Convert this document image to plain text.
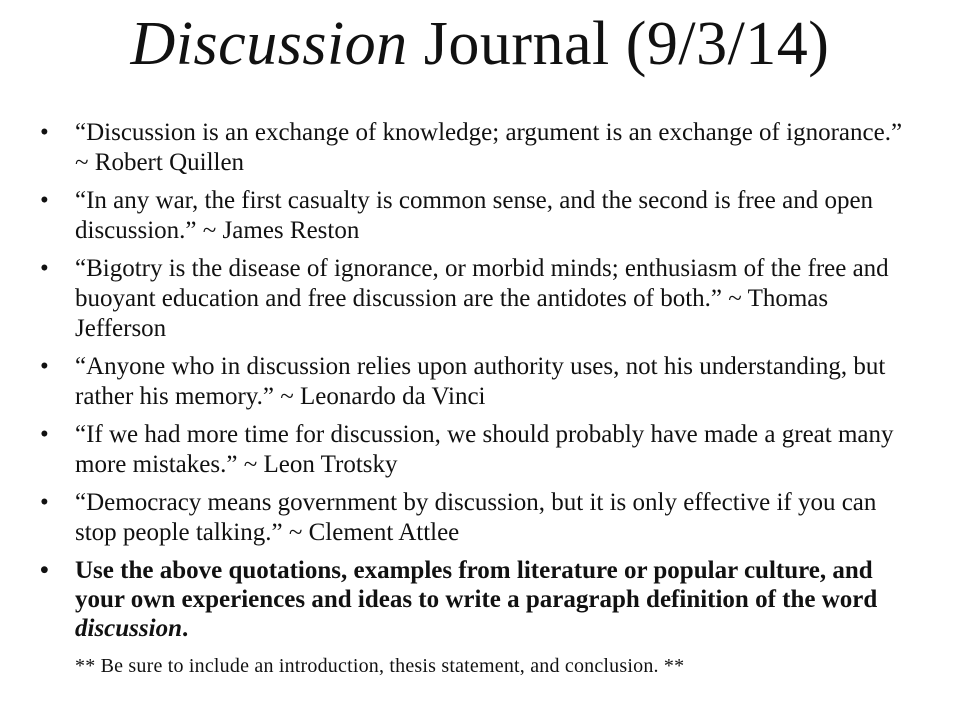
Discussion Journal (9/3/14)
•	“Discussion is an exchange of knowledge; argument is an exchange of ignorance.” ~ Robert Quillen
•	“In any war, the first casualty is common sense, and the second is free and open discussion.” ~ James Reston
•	“Bigotry is the disease of ignorance, or morbid minds; enthusiasm of the free and buoyant education and free discussion are the antidotes of both.” ~ Thomas Jefferson
•	“Anyone who in discussion relies upon authority uses, not his understanding, but rather his memory.” ~ Leonardo da Vinci
•	“If we had more time for discussion, we should probably have made a great many more mistakes.” ~ Leon Trotsky
•	“Democracy means government by discussion, but it is only effective if you can stop people talking.” ~ Clement Attlee
•	Use the above quotations, examples from literature or popular culture, and your own experiences and ideas to write a paragraph definition of the word discussion.
** Be sure to include an introduction, thesis statement, and conclusion. **
